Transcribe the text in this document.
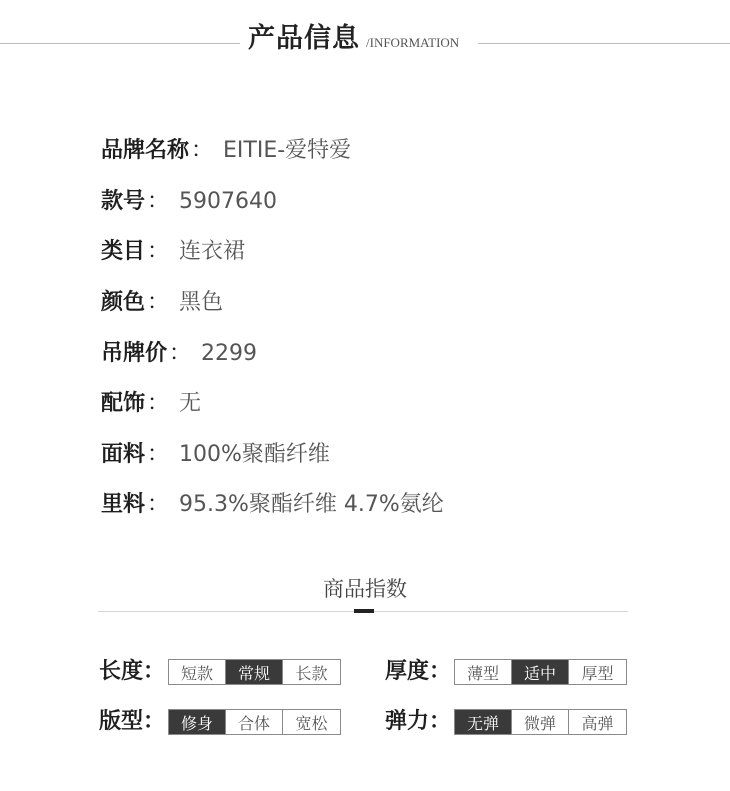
产品信息 /INFORMATION
品牌名称 ： EITIE-爱特爱
款号 ： 5907640
类目 ： 连衣裙
颜色 ： 黑色
吊牌价 ： 2299
配饰 ： 无
面料 ： 100%聚酯纤维
里料 ： 95.3%聚酯纤维 4.7%氨纶
商品指数
长度： 短款	常规	长款	厚度： 薄型	适中	厚型
版型： 修身	合体	宽松	弹力： 无弹	微弹	高弹
